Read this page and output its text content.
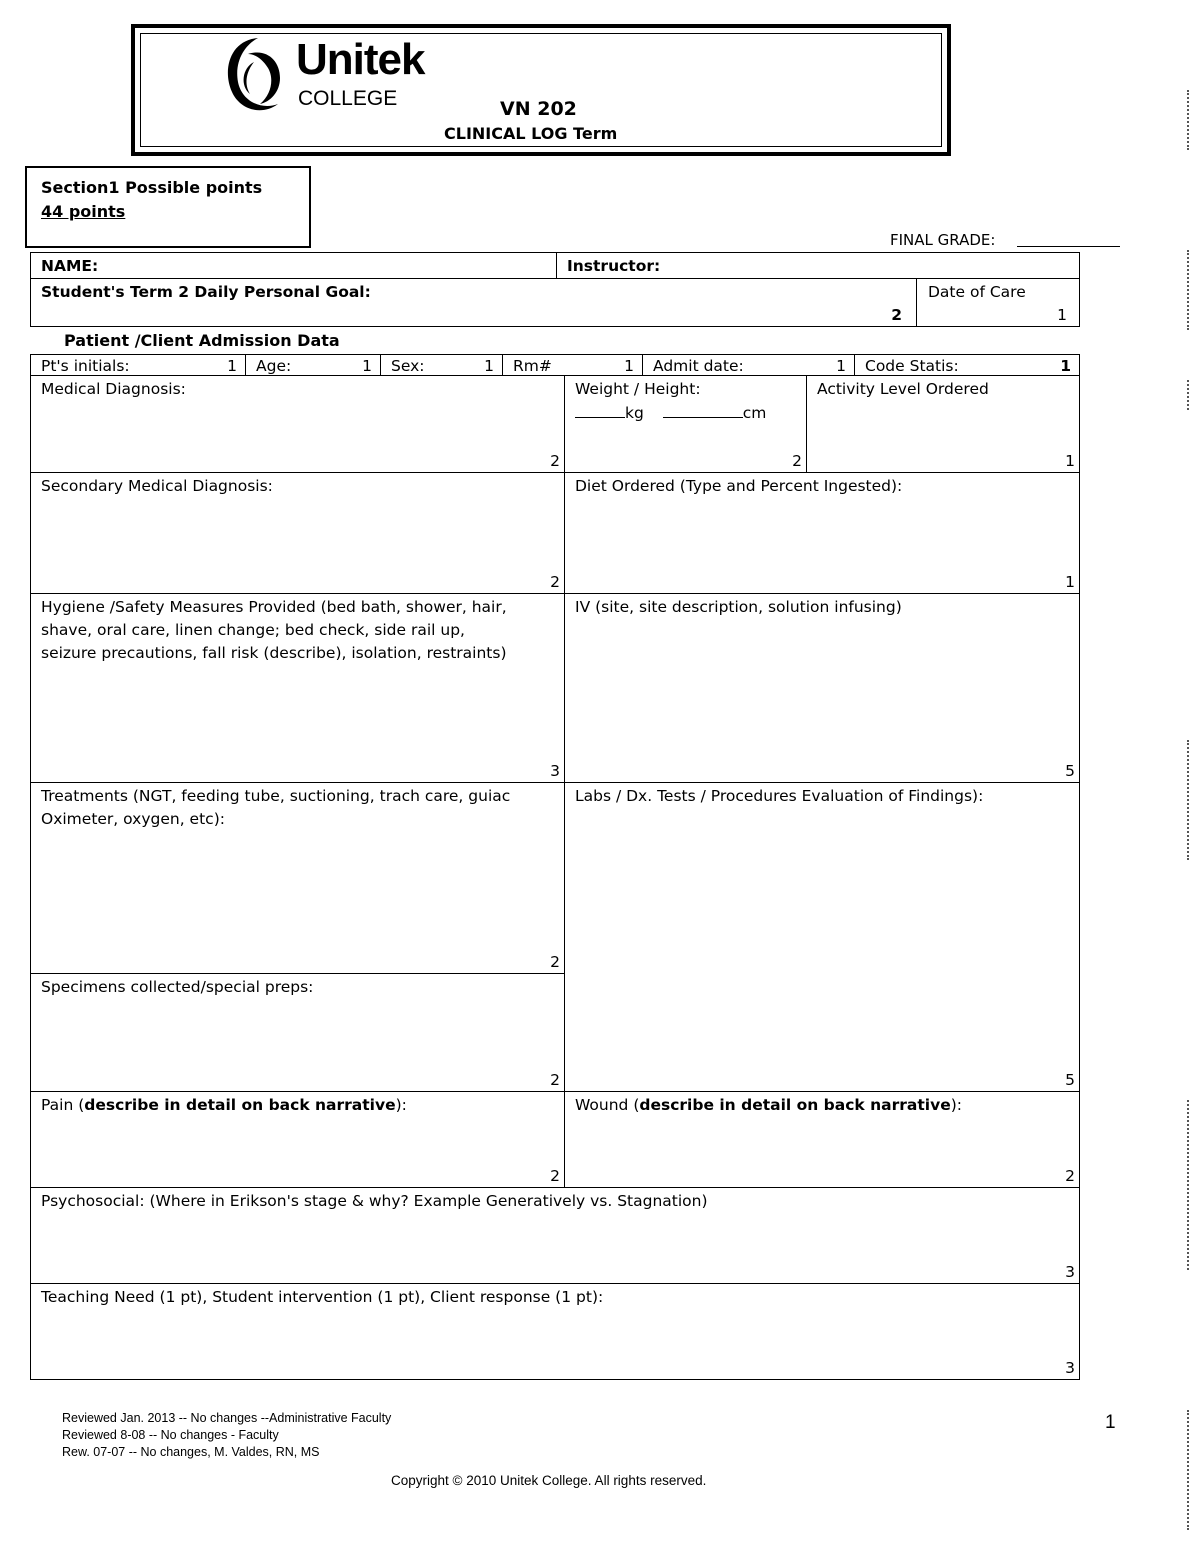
Unitek
COLLEGE	VN 202
CLINICAL LOG Term
Section1 Possible points
44 points
FINAL GRADE:
NAME:	Instructor:
Student's Term 2 Daily Personal Goal:
2
Date of Care
1
Patient /Client Admission Data
Pt's initials:	1	Age:	1	Sex:	1	Rm#	1	Admit date:	1	Code Statis:	1
Medical Diagnosis:
2
Weight / Height:
kg	cm
2
Activity Level Ordered
1
Secondary Medical Diagnosis:
2
Diet Ordered (Type and Percent Ingested):
1
Hygiene /Safety Measures Provided (bed bath, shower, hair,
shave, oral care, linen change; bed check, side rail up,
seizure precautions, fall risk (describe), isolation, restraints)
3
IV (site, site description, solution infusing)
5
Treatments (NGT, feeding tube, suctioning, trach care, guiac
Oximeter, oxygen, etc):
2
Labs / Dx. Tests / Procedures Evaluation of Findings):
5
Specimens collected/special preps:
2
Pain (describe in detail on back narrative):
2
Wound (describe in detail on back narrative):
2
Psychosocial: (Where in Erikson's stage & why? Example Generatively vs. Stagnation)
3
Teaching Need (1 pt), Student intervention (1 pt), Client response (1 pt):
3
Reviewed Jan. 2013 -- No changes --Administrative Faculty
Reviewed 8-08 -- No changes - Faculty
Rew. 07-07 -- No changes, M. Valdes, RN, MS
Copyright © 2010 Unitek College. All rights reserved.
1
